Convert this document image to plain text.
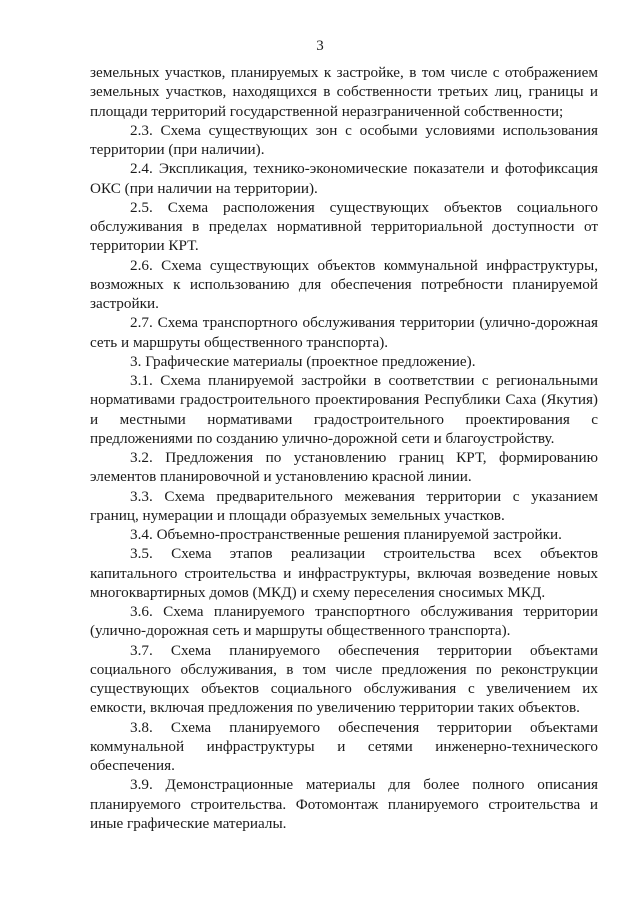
3

земельных участков, планируемых к застройке, в том числе с отображением земельных участков, находящихся в собственности третьих лиц, границы и площади территорий государственной неразграниченной собственности;

2.3. Схема существующих зон с особыми условиями использования территории (при наличии).

2.4. Экспликация, технико-экономические показатели и фотофиксация ОКС (при наличии на территории).

2.5. Схема расположения существующих объектов социального обслуживания в пределах нормативной территориальной доступности от территории КРТ.

2.6. Схема существующих объектов коммунальной инфраструктуры, возможных к использованию для обеспечения потребности планируемой застройки.

2.7. Схема транспортного обслуживания территории (улично-дорожная сеть и маршруты общественного транспорта).

3. Графические материалы (проектное предложение).

3.1. Схема планируемой застройки в соответствии с региональными нормативами градостроительного проектирования Республики Саха (Якутия) и местными нормативами градостроительного проектирования с предложениями по созданию улично-дорожной сети и благоустройству.

3.2. Предложения по установлению границ КРТ, формированию элементов планировочной и установлению красной линии.

3.3. Схема предварительного межевания территории с указанием границ, нумерации и площади образуемых земельных участков.

3.4. Объемно-пространственные решения планируемой застройки.

3.5. Схема этапов реализации строительства всех объектов капитального строительства и инфраструктуры, включая возведение новых многоквартирных домов (МКД) и схему переселения сносимых МКД.

3.6. Схема планируемого транспортного обслуживания территории (улично-дорожная сеть и маршруты общественного транспорта).

3.7. Схема планируемого обеспечения территории объектами социального обслуживания, в том числе предложения по реконструкции существующих объектов социального обслуживания с увеличением их емкости, включая предложения по увеличению территории таких объектов.

3.8. Схема планируемого обеспечения территории объектами коммунальной инфраструктуры и сетями инженерно-технического обеспечения.

3.9. Демонстрационные материалы для более полного описания планируемого строительства. Фотомонтаж планируемого строительства и иные графические материалы.
